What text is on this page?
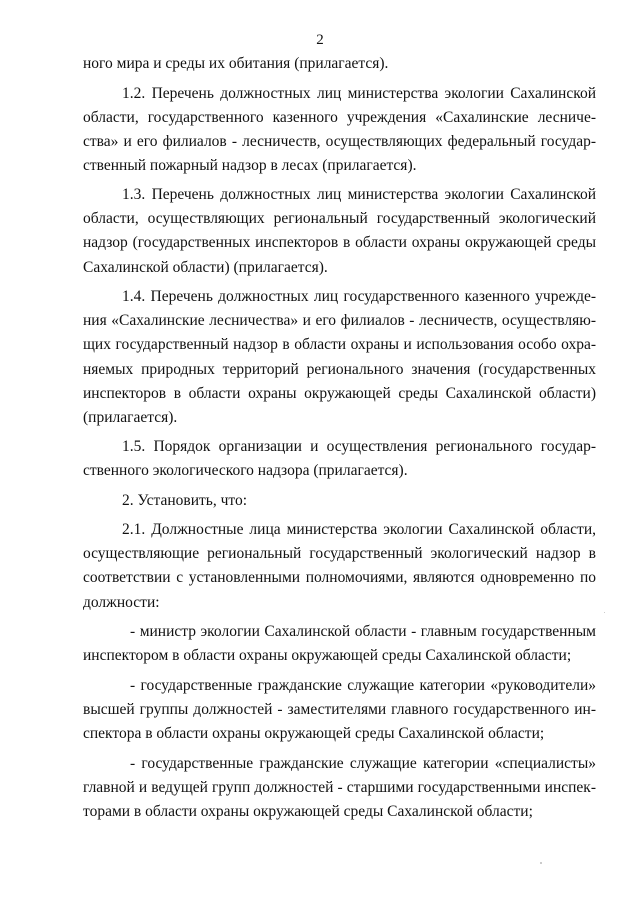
2
ного мира и среды их обитания (прилагается).
1.2. Перечень должностных лиц министерства экологии Сахалинской
области, государственного казенного учреждения «Сахалинские лесниче-
ства» и его филиалов - лесничеств, осуществляющих федеральный государ-
ственный пожарный надзор в лесах (прилагается).
1.3. Перечень должностных лиц министерства экологии Сахалинской
области, осуществляющих региональный государственный экологический
надзор (государственных инспекторов в области охраны окружающей среды
Сахалинской области) (прилагается).
1.4. Перечень должностных лиц государственного казенного учрежде-
ния «Сахалинские лесничества» и его филиалов - лесничеств, осуществляю-
щих государственный надзор в области охраны и использования особо охра-
няемых природных территорий регионального значения (государственных
инспекторов в области охраны окружающей среды Сахалинской области)
(прилагается).
1.5. Порядок организации и осуществления регионального государ-
ственного экологического надзора (прилагается).
2. Установить, что:
2.1. Должностные лица министерства экологии Сахалинской области,
осуществляющие региональный государственный экологический надзор в
соответствии с установленными полномочиями, являются одновременно по
должности:
- министр экологии Сахалинской области - главным государственным
инспектором в области охраны окружающей среды Сахалинской области;
- государственные гражданские служащие категории «руководители»
высшей группы должностей - заместителями главного государственного ин-
спектора в области охраны окружающей среды Сахалинской области;
- государственные гражданские служащие категории «специалисты»
главной и ведущей групп должностей - старшими государственными инспек-
торами в области охраны окружающей среды Сахалинской области;
